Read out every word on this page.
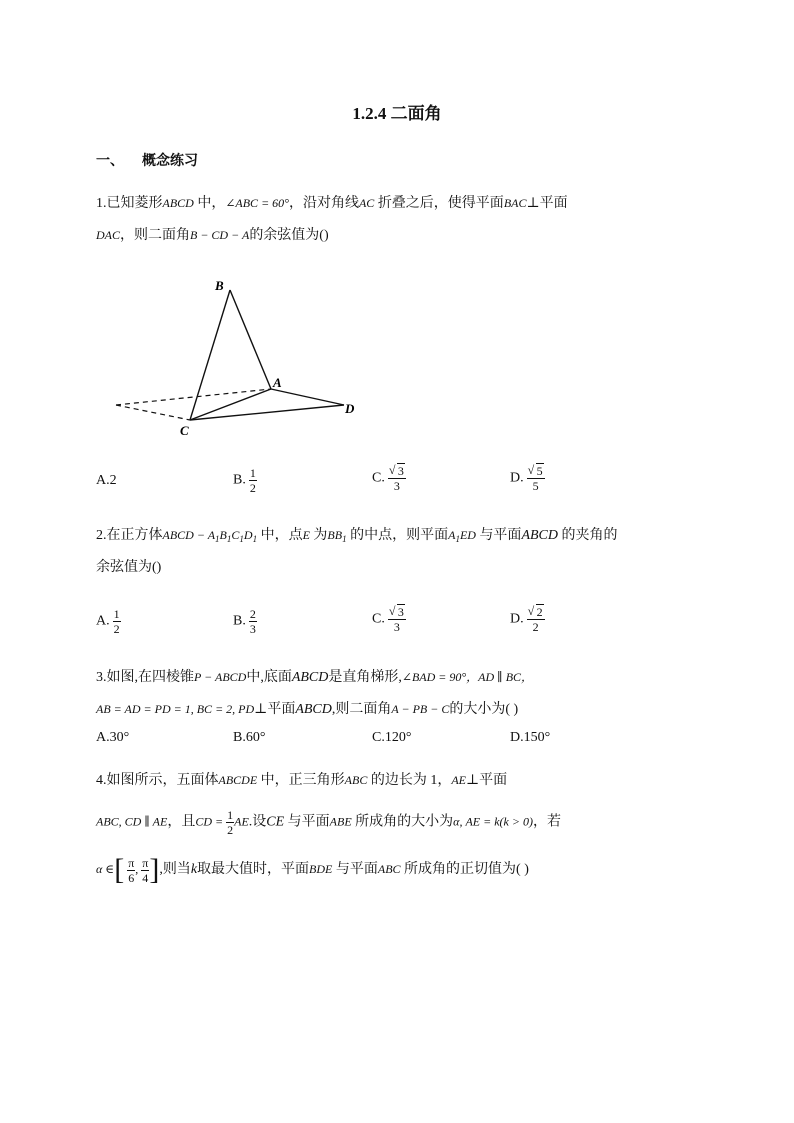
1.2.4 二面角
一、 概念练习
1.已知菱形ABCD 中，∠ABC = 60°，沿对角线AC 折叠之后，使得平面BAC⊥平面
DAC，则二面角B − CD − A的余弦值为()
B
A
D
C
A.2	B. $\frac{1}{2}$	C. √ $\frac{3}{3}$	D. √ $\frac{5}{5}$
2.在正方体ABCD − $A_1B_1C_1D_1$ 中，点E 为$BB_1$ 的中点，则平面$A_1ED$ 与平面ABCD 的夹角的
余弦值为()
A. $\frac{1}{2}$	B. $\frac{2}{3}$	C. √ $\frac{3}{3}$	D. √ $\frac{2}{2}$
3.如图,在四棱锥P − ABCD中,底面ABCD是直角梯形,∠BAD = 90°，AD ∥ BC，
AB = AD = PD = 1, BC = 2, PD⊥平面ABCD,则二面角A − PB − C的大小为( )
A.30°	B.60°	C.120°	D.150°
4.如图所示，五面体ABCDE 中，正三角形ABC 的边长为 1，AE⊥平面
ABC, CD ∥ AE，且CD = $\frac{1}{2}$ AE.设CE 与平面ABE 所成角的大小为α, AE = k(k > 0)，若
α ∈[ $\frac{\pi}{6}$ , $\frac{\pi}{4}$ ],则当k取最大值时，平面BDE 与平面ABC 所成角的正切值为( )
